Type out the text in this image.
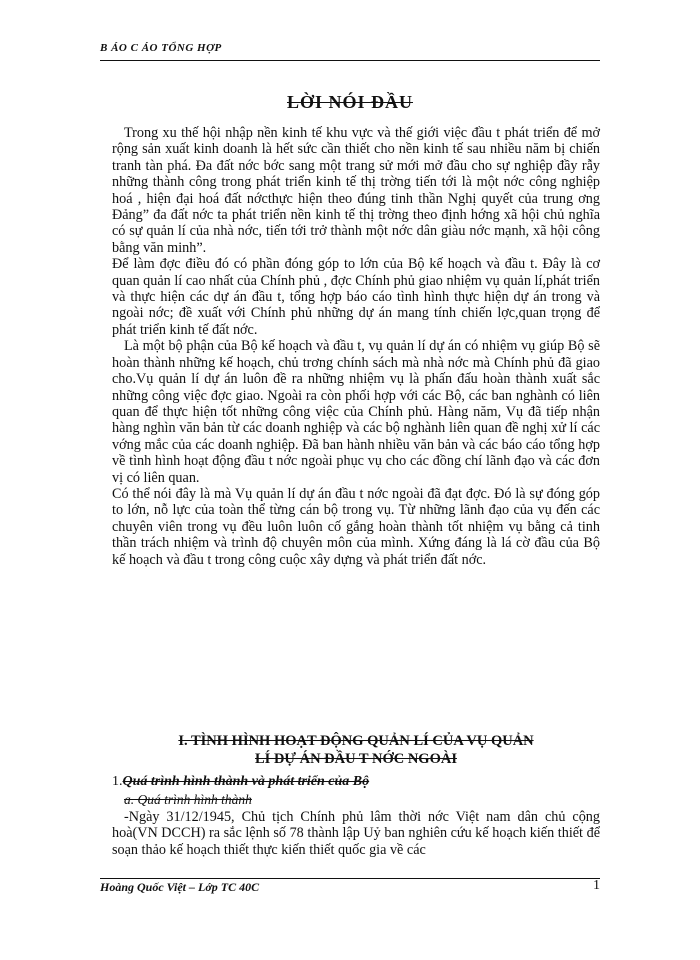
B ÁO C ÁO TỔNG HỢP
LỜI NÓI ĐẦU

Trong xu thế hội nhập nền kinh tế khu vực và thế giới việc đầu t phát triển để mở rộng sản xuất kinh doanh là hết sức cần thiết cho nền kinh tế sau nhiều năm bị chiến tranh tàn phá. Đa đất nớc bớc sang một trang sử mới mở đầu cho sự nghiệp đầy rẫy những thành công trong phát triển kinh tế thị trờng tiến tới là một nớc công nghiệp hoá , hiện đại hoá đất nớcthực hiện theo đúng tinh thần Nghị quyết của trung ơng Đảng” đa đất nớc ta phát triển nền kinh tế thị trờng theo định hớng xã hội chủ nghĩa có sự quản lí của nhà nớc, tiến tới trở thành một nớc dân giàu nớc mạnh, xã hội công bằng văn minh”.

Để làm đợc điều đó có phần đóng góp to lớn của Bộ kế hoạch và đầu t. Đây là cơ quan quản lí cao nhất của Chính phủ , đợc Chính phủ giao nhiệm vụ quản lí,phát triển và thực hiện các dự án đầu t, tổng hợp báo cáo tình hình thực hiện dự án trong và ngoài nớc; đề xuất với Chính phủ những dự án mang tính chiến lợc,quan trọng để phát triển kinh tế đất nớc.

Là một bộ phận của Bộ kế hoạch và đầu t, vụ quản lí dự án có nhiệm vụ giúp Bộ sẽ hoàn thành những kế hoạch, chủ trơng chính sách mà nhà nớc mà Chính phủ đã giao cho.Vụ quản lí dự án luôn đề ra những nhiệm vụ là phấn đấu hoàn thành xuất sắc những công việc đợc giao. Ngoài ra còn phối hợp với các Bộ, các ban nghành có liên quan để thực hiện tốt những công việc của Chính phủ. Hàng năm, Vụ đã tiếp nhận hàng nghìn văn bản từ các doanh nghiệp và các bộ nghành liên quan đề nghị xử lí các vớng mắc của các doanh nghiệp. Đã ban hành nhiều văn bản và các báo cáo tổng hợp về tình hình hoạt động đầu t nớc ngoài phục vụ cho các đồng chí lãnh đạo và các đơn vị có liên quan.

Có thể nói đây là mà Vụ quản lí dự án đầu t nớc ngoài đã đạt đợc. Đó là sự đóng góp to lớn, nỗ lực của toàn thể từng cán bộ trong vụ. Từ những lãnh đạo của vụ đến các chuyên viên trong vụ đều luôn luôn cố gắng hoàn thành tốt nhiệm vụ bằng cả tinh thần trách nhiệm và trình độ chuyên môn của mình. Xứng đáng là lá cờ đầu của Bộ kế hoạch và đầu t trong công cuộc xây dựng và phát triển đất nớc.

I. TÌNH HÌNH HOẠT ĐỘNG QUẢN LÍ CỦA VỤ QUẢN
LÍ DỰ ÁN ĐẦU T NỚC NGOÀI
1.Quá trình hình thành và phát triển của Bộ
a. Quá trình hình thành

-Ngày 31/12/1945, Chủ tịch Chính phủ lâm thời nớc Việt nam dân chủ cộng hoà(VN DCCH) ra sắc lệnh số 78 thành lập Uỷ ban nghiên cứu kế hoạch kiến thiết để soạn thảo kế hoạch thiết thực kiến thiết quốc gia về các

Hoàng Quốc Việt – Lớp TC 40C	1
